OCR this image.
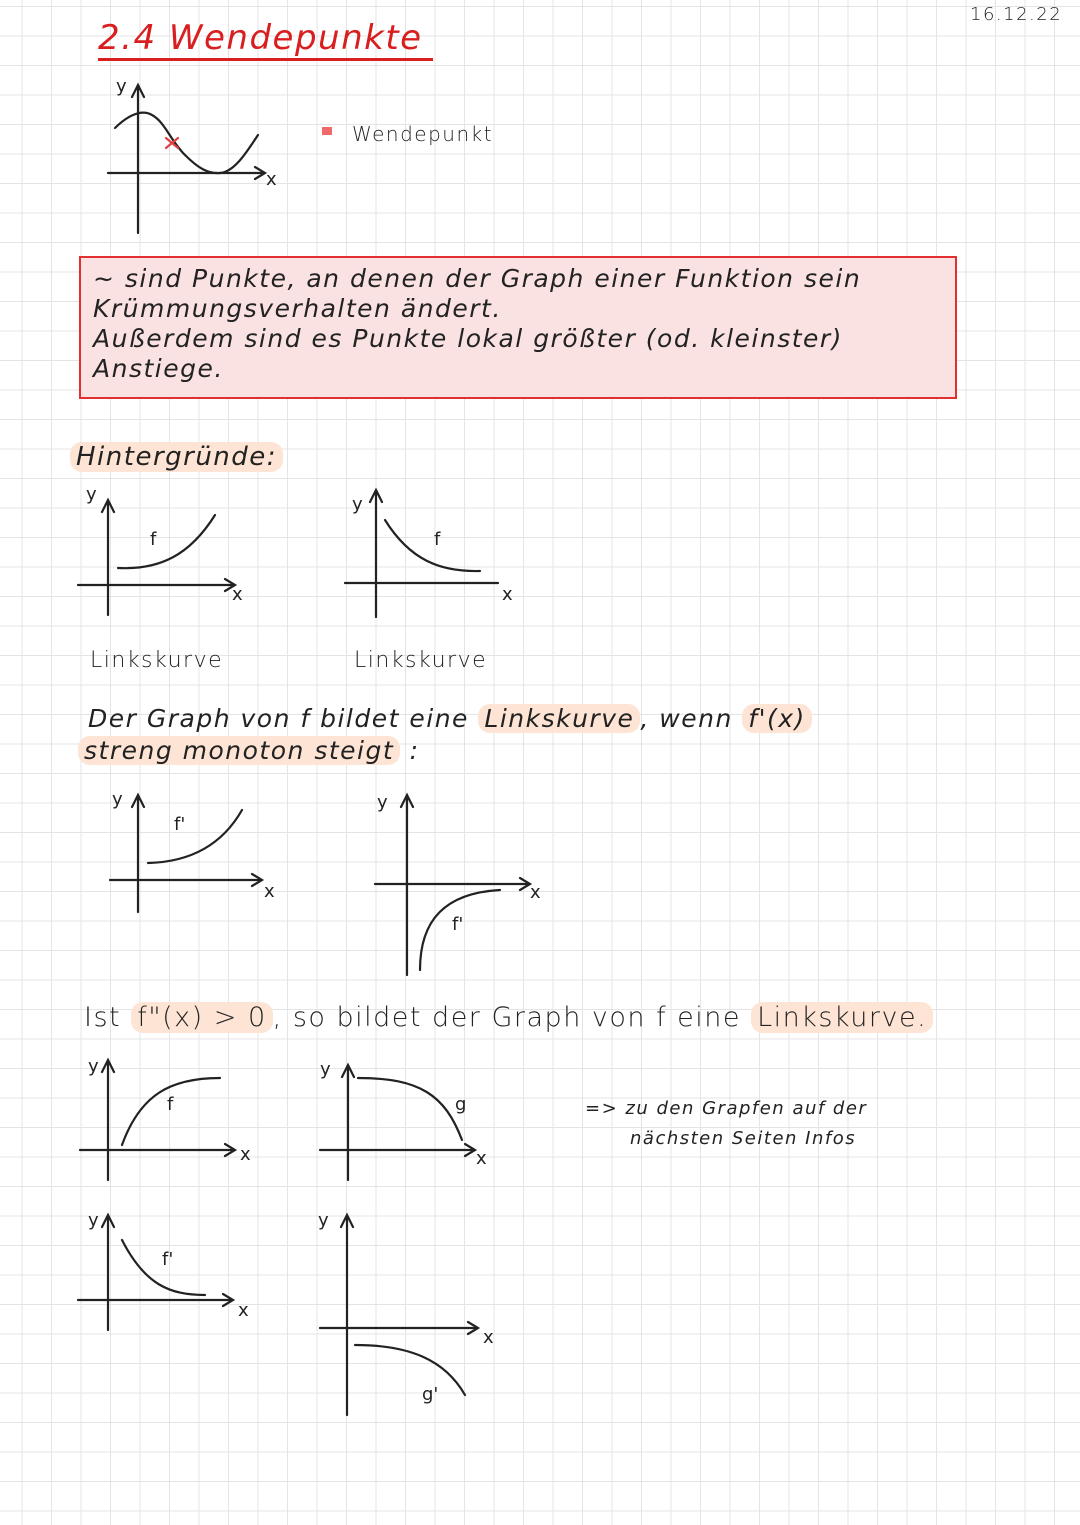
16.12.22
2.4 Wendepunkte
Wendepunkt
~ sind Punkte, an denen der Graph einer Funktion sein
Krümmungsverhalten ändert.
Außerdem sind es Punkte lokal größter (od. kleinster)
Anstiege.
Hintergründe:
Linkskurve	Linkskurve
Der Graph von f bildet eine Linkskurve , wenn f'(x)
streng monoton steigt :
Ist f"(x) > 0 , so bildet der Graph von f eine Linkskurve.
=> zu den Grapfen auf der
nächsten Seiten Infos
y
x
f
x
y
f
x
y
f'
x
y
f'
x
y
f
x
y
g
x
y
f'
x
y
g'
x
y
